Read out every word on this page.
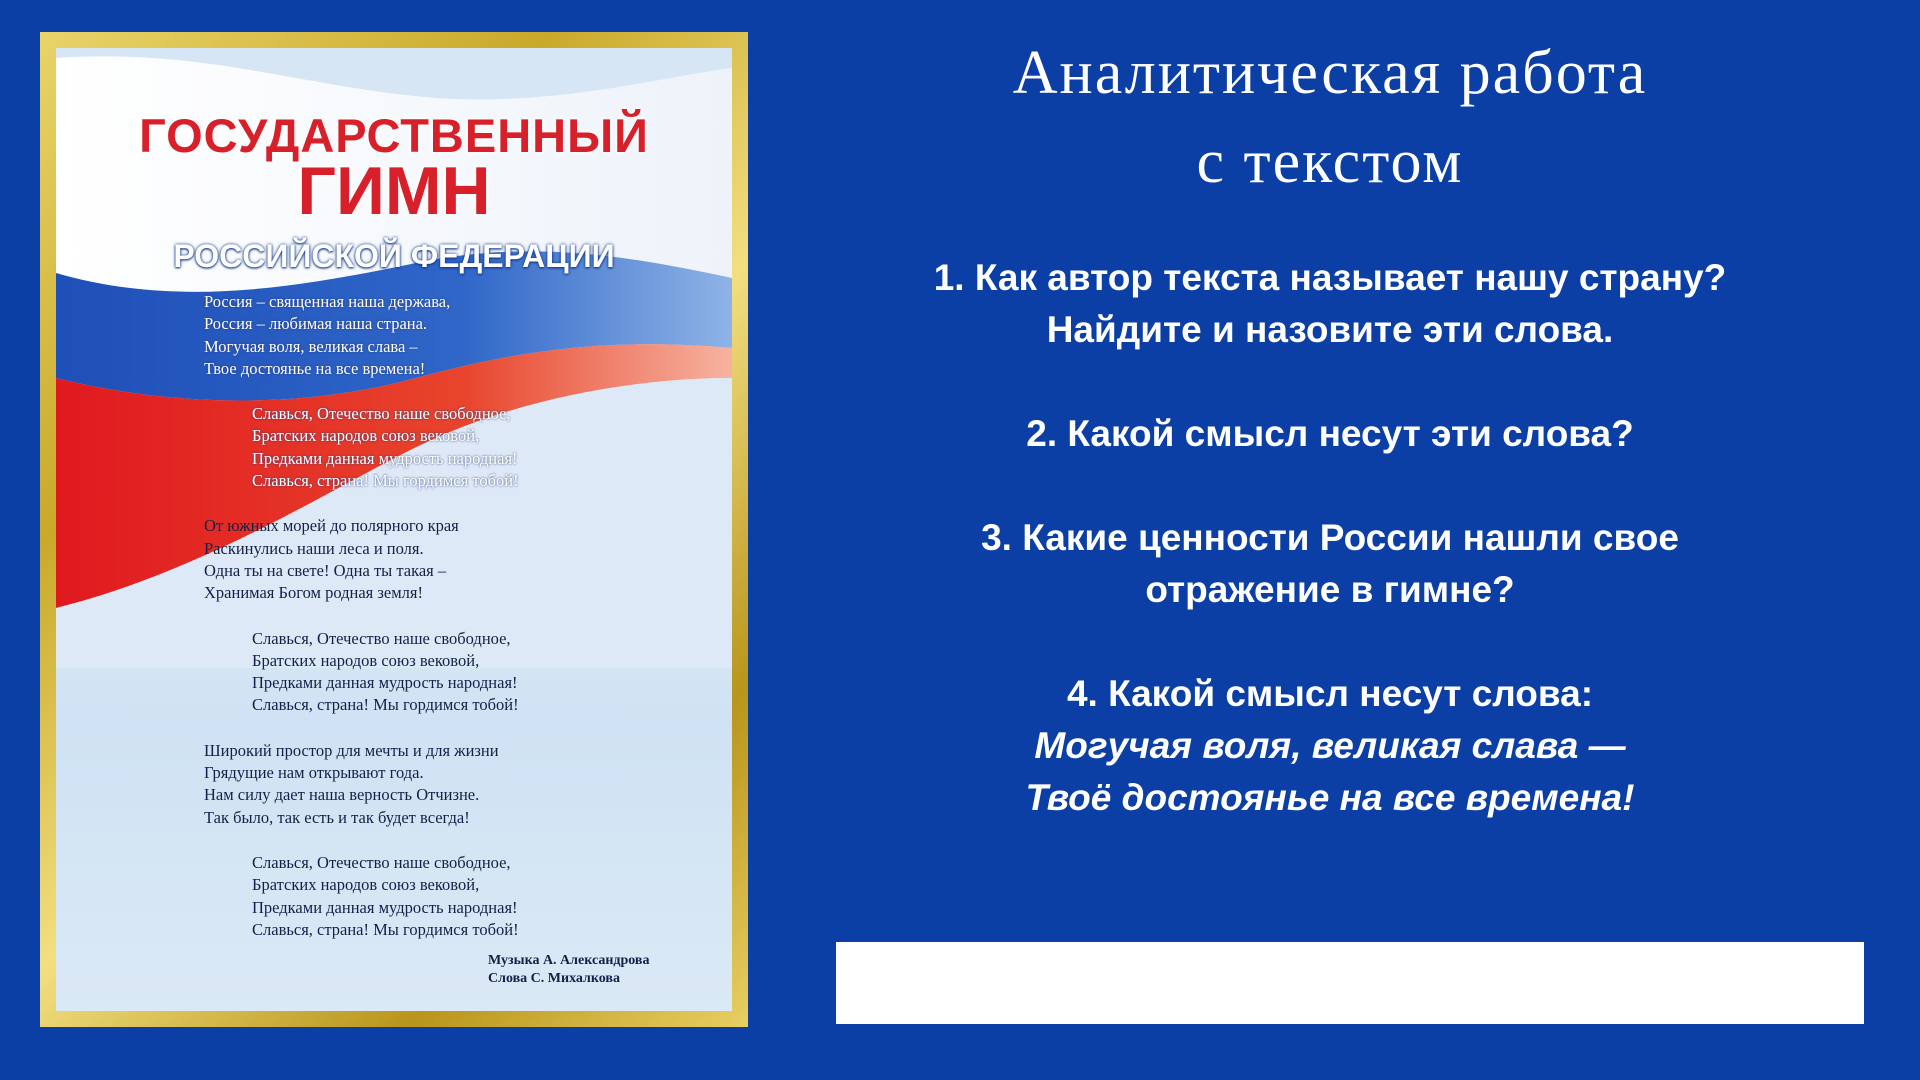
ГОСУДАРСТВЕННЫЙ
ГИМН
РОССИЙСКОЙ ФЕДЕРАЦИИ
Россия – священная наша держава,
Россия – любимая наша страна.
Могучая воля, великая слава –
Твое достоянье на все времена!
Славься, Отечество наше свободное,
Братских народов союз вековой,
Предками данная мудрость народная!
Славься, страна! Мы гордимся тобой!
От южных морей до полярного края
Раскинулись наши леса и поля.
Одна ты на свете! Одна ты такая –
Хранимая Богом родная земля!
Славься, Отечество наше свободное,
Братских народов союз вековой,
Предками данная мудрость народная!
Славься, страна! Мы гордимся тобой!
Широкий простор для мечты и для жизни
Грядущие нам открывают года.
Нам силу дает наша верность Отчизне.
Так было, так есть и так будет всегда!
Славься, Отечество наше свободное,
Братских народов союз вековой,
Предками данная мудрость народная!
Славься, страна! Мы гордимся тобой!
Музыка А. Александрова
Слова С. Михалкова
Аналитическая работа
с текстом
1. Как автор текста называет нашу страну?
Найдите и назовите эти слова.
2. Какой смысл несут эти слова?
3. Какие ценности России нашли свое
отражение в гимне?
4. Какой смысл несут слова:
Могучая воля, великая слава —
Твоё достоянье на все времена!
